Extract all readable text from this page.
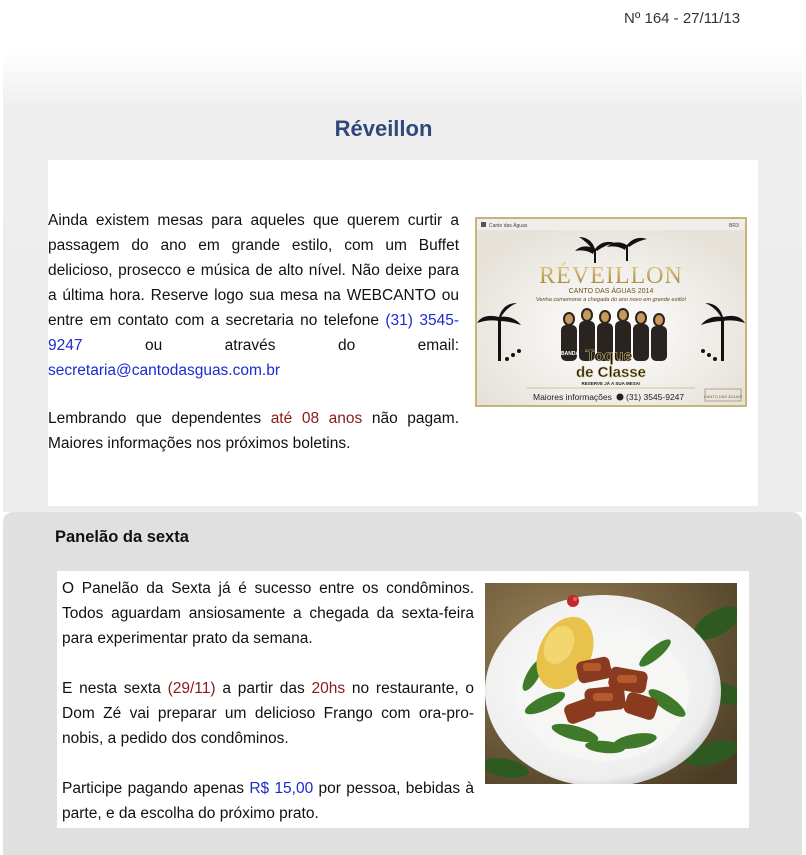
Nº 164 - 27/11/13
Réveillon

Ainda existem mesas para aqueles que querem curtir a passagem do ano em grande estilo, com um Buffet delicioso, prosecco e música de alto nível. Não deixe para a última hora. Reserve logo sua mesa na WEBCANTO ou entre em contato com a secretaria no telefone (31) 3545-9247	ou através do email: secretaria@cantodasguas.com.br

Lembrando que dependentes até 08 anos não pagam. Maiores informações nos próximos boletins.

Canto das Águas	BR3
RÉVEILLON
CANTO DAS ÁGUAS 2014
Venha comemorar a chegada do ano novo em grande estilo!
BANDA Toque
de Classe
RESERVE JÁ A SUA MESA!
Maiores informações (31) 3545-9247	CANTO DAS ÁGUAS
Panelão da sexta

O Panelão da Sexta já é sucesso entre os condôminos. Todos aguardam ansiosamente a chegada da sexta-feira para experimentar prato da semana.

E nesta sexta (29/11) a partir das 20hs no restaurante, o Dom Zé vai preparar um delicioso Frango com ora-pro-nobis, a pedido dos condôminos.

Participe pagando apenas R$ 15,00 por pessoa, bebidas à parte, e da escolha do próximo prato.
